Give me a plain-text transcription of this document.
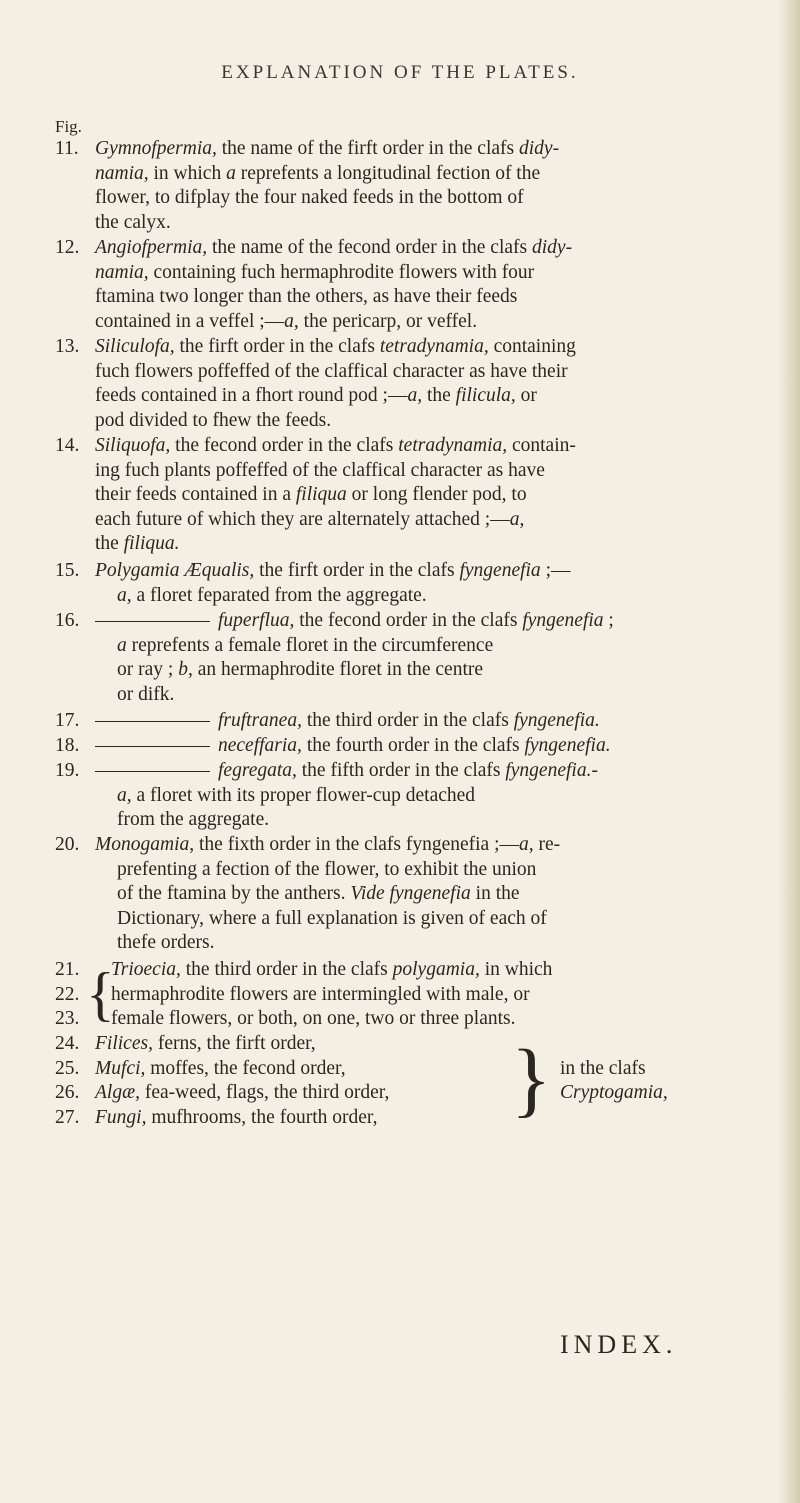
EXPLANATION OF THE PLATES.
Fig.
11. Gymnofpermia, the name of the firft order in the clafs didy-
namia, in which a reprefents a longitudinal fection of the
flower, to difplay the four naked feeds in the bottom of
the calyx.
12. Angiofpermia, the name of the fecond order in the clafs didy-
namia, containing fuch hermaphrodite flowers with four
ftamina two longer than the others, as have their feeds
contained in a veffel ;—a, the pericarp, or veffel.
13. Siliculofa, the firft order in the clafs tetradynamia, containing
fuch flowers poffeffed of the claffical character as have their
feeds contained in a fhort round pod ;—a, the filicula, or
pod divided to fhew the feeds.
14. Siliquofa, the fecond order in the clafs tetradynamia, contain-
ing fuch plants poffeffed of the claffical character as have
their feeds contained in a filiqua or long flender pod, to
each future of which they are alternately attached ;—a,
the filiqua.
15. Polygamia Æqualis, the firft order in the clafs fyngenefia ;—
a, a floret feparated from the aggregate.
16.	fuperflua, the fecond order in the clafs fyngenefia ;
a reprefents a female floret in the circumference
or ray ; b, an hermaphrodite floret in the centre
or difk.
17.	fruftranea, the third order in the clafs fyngenefia.
18.	neceffaria, the fourth order in the clafs fyngenefia.
19.	fegregata, the fifth order in the clafs fyngenefia.-
a, a floret with its proper flower-cup detached
from the aggregate.
20. Monogamia, the fixth order in the clafs fyngenefia ;—a, re-
prefenting a fection of the flower, to exhibit the union
of the ftamina by the anthers. Vide fyngenefia in the
Dictionary, where a full explanation is given of each of
thefe orders.
21.
22.
23. {
Trioecia, the third order in the clafs polygamia, in which
hermaphrodite flowers are intermingled with male, or
female flowers, or both, on one, two or three plants.
24. Filices, ferns, the firft order,
25. Mufci, moffes, the fecond order,
26. Algæ, fea-weed, flags, the third order,
27. Fungi, mufhrooms, the fourth order, } in the clafs
Cryptogamia,
INDEX.
